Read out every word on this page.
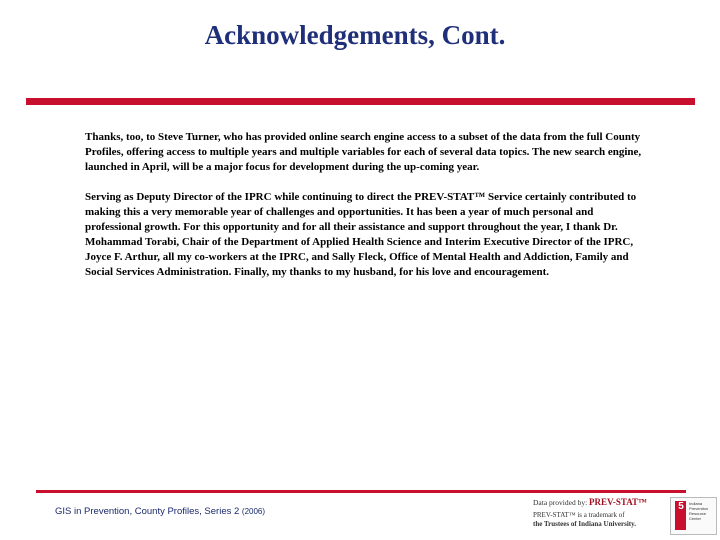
Acknowledgements, Cont.

Thanks, too, to Steve Turner, who has provided online search engine access to a subset of the data from the full County Profiles, offering access to multiple years and multiple variables for each of several data topics. The new search engine, launched in April, will be a major focus for development during the up-coming year.

Serving as Deputy Director of the IPRC while continuing to direct the PREV-STAT™ Service certainly contributed to making this a very memorable year of challenges and opportunities. It has been a year of much personal and professional growth. For this opportunity and for all their assistance and support throughout the year, I thank Dr. Mohammad Torabi, Chair of the Department of Applied Health Science and Interim Executive Director of the IPRC, Joyce F. Arthur, all my co-workers at the IPRC, and Sally Fleck, Office of Mental Health and Addiction, Family and Social Services Administration. Finally, my thanks to my husband, for his love and encouragement.

GIS in Prevention, County Profiles, Series 2 (2006)
Data provided by: PREV-STAT™
PREV-STAT™ is a trademark of
the Trustees of Indiana University.
5	Indiana Prevention Resource Center
